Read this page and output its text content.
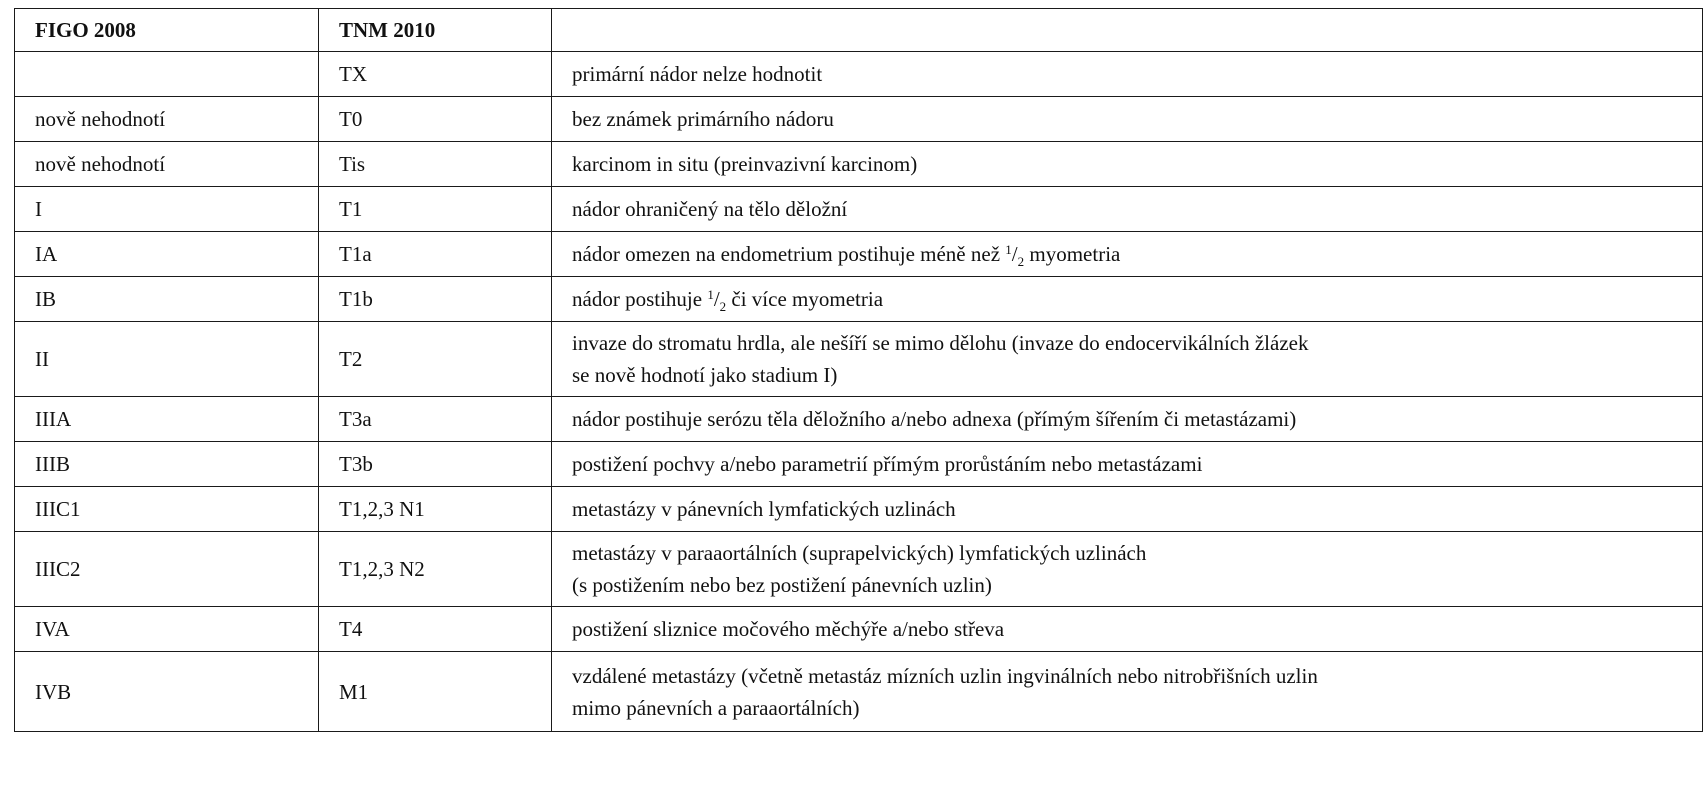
FIGO 2008	TNM 2010	
	TX	primární nádor nelze hodnotit
nově nehodnotí	T0	bez známek primárního nádoru
nově nehodnotí	Tis	karcinom in situ (preinvazivní karcinom)
I	T1	nádor ohraničený na tělo děložní
IA	T1a	nádor omezen na endometrium postihuje méně než $^1/_2$ myometria
IB	T1b	nádor postihuje $^1/_2$ či více myometria
II	T2	invaze do stromatu hrdla, ale nešíří se mimo dělohu (invaze do endocervikálních žlázek
se nově hodnotí jako stadium I)

IIIA	T3a	nádor postihuje serózu těla děložního a/nebo adnexa (přímým šířením či metastázami)
IIIB	T3b	postižení pochvy a/nebo parametrií přímým prorůstáním nebo metastázami
IIIC1	T1,2,3 N1	metastázy v pánevních lymfatických uzlinách
IIIC2	T1,2,3 N2	metastázy v paraaortálních (suprapelvických) lymfatických uzlinách
(s postižením nebo bez postižení pánevních uzlin)

IVA	T4	postižení sliznice močového měchýře a/nebo střeva
IVB	M1	vzdálené metastázy (včetně metastáz mízních uzlin ingvinálních nebo nitrobřišních uzlin
mimo pánevních a paraaortálních)
